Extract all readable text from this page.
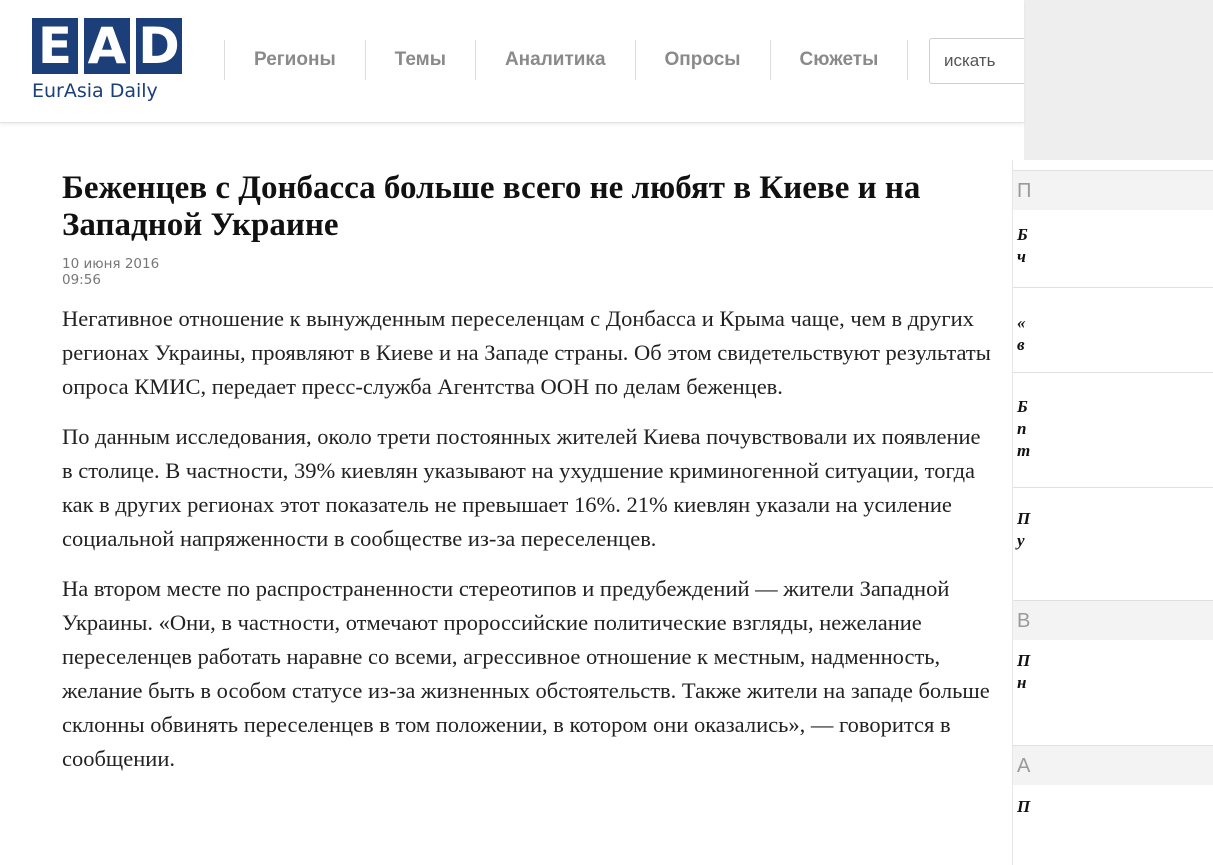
E A D
EurAsia Daily
Регионы	Темы	Аналитика	Опросы	Сюжеты
искать
Беженцев с Донбасса больше всего не любят в Киеве и на Западной Украине
10 июня 2016
09:56

Негативное отношение к вынужденным переселенцам с Донбасса и Крыма чаще, чем в других регионах Украины, проявляют в Киеве и на Западе страны. Об этом свидетельствуют результаты опроса КМИС, передает пресс-служба Агентства ООН по делам беженцев.

По данным исследования, около трети постоянных жителей Киева почувствовали их появление в столице. В частности, 39% киевлян указывают на ухудшение криминогенной ситуации, тогда как в других регионах этот показатель не превышает 16%. 21% киевлян указали на усиление социальной напряженности в сообществе из-за переселенцев.

На втором месте по распространенности стереотипов и предубеждений — жители Западной Украины. «Они, в частности, отмечают пророссийские политические взгляды, нежелание переселенцев работать наравне со всеми, агрессивное отношение к местным, надменность, желание быть в особом статусе из-за жизненных обстоятельств. Также жители на западе больше склонны обвинять переселенцев в том положении, в котором они оказались», — говорится в сообщении.

П
Б
ч
«
в
Б
п
т
П
у
В
П
н
А
П
